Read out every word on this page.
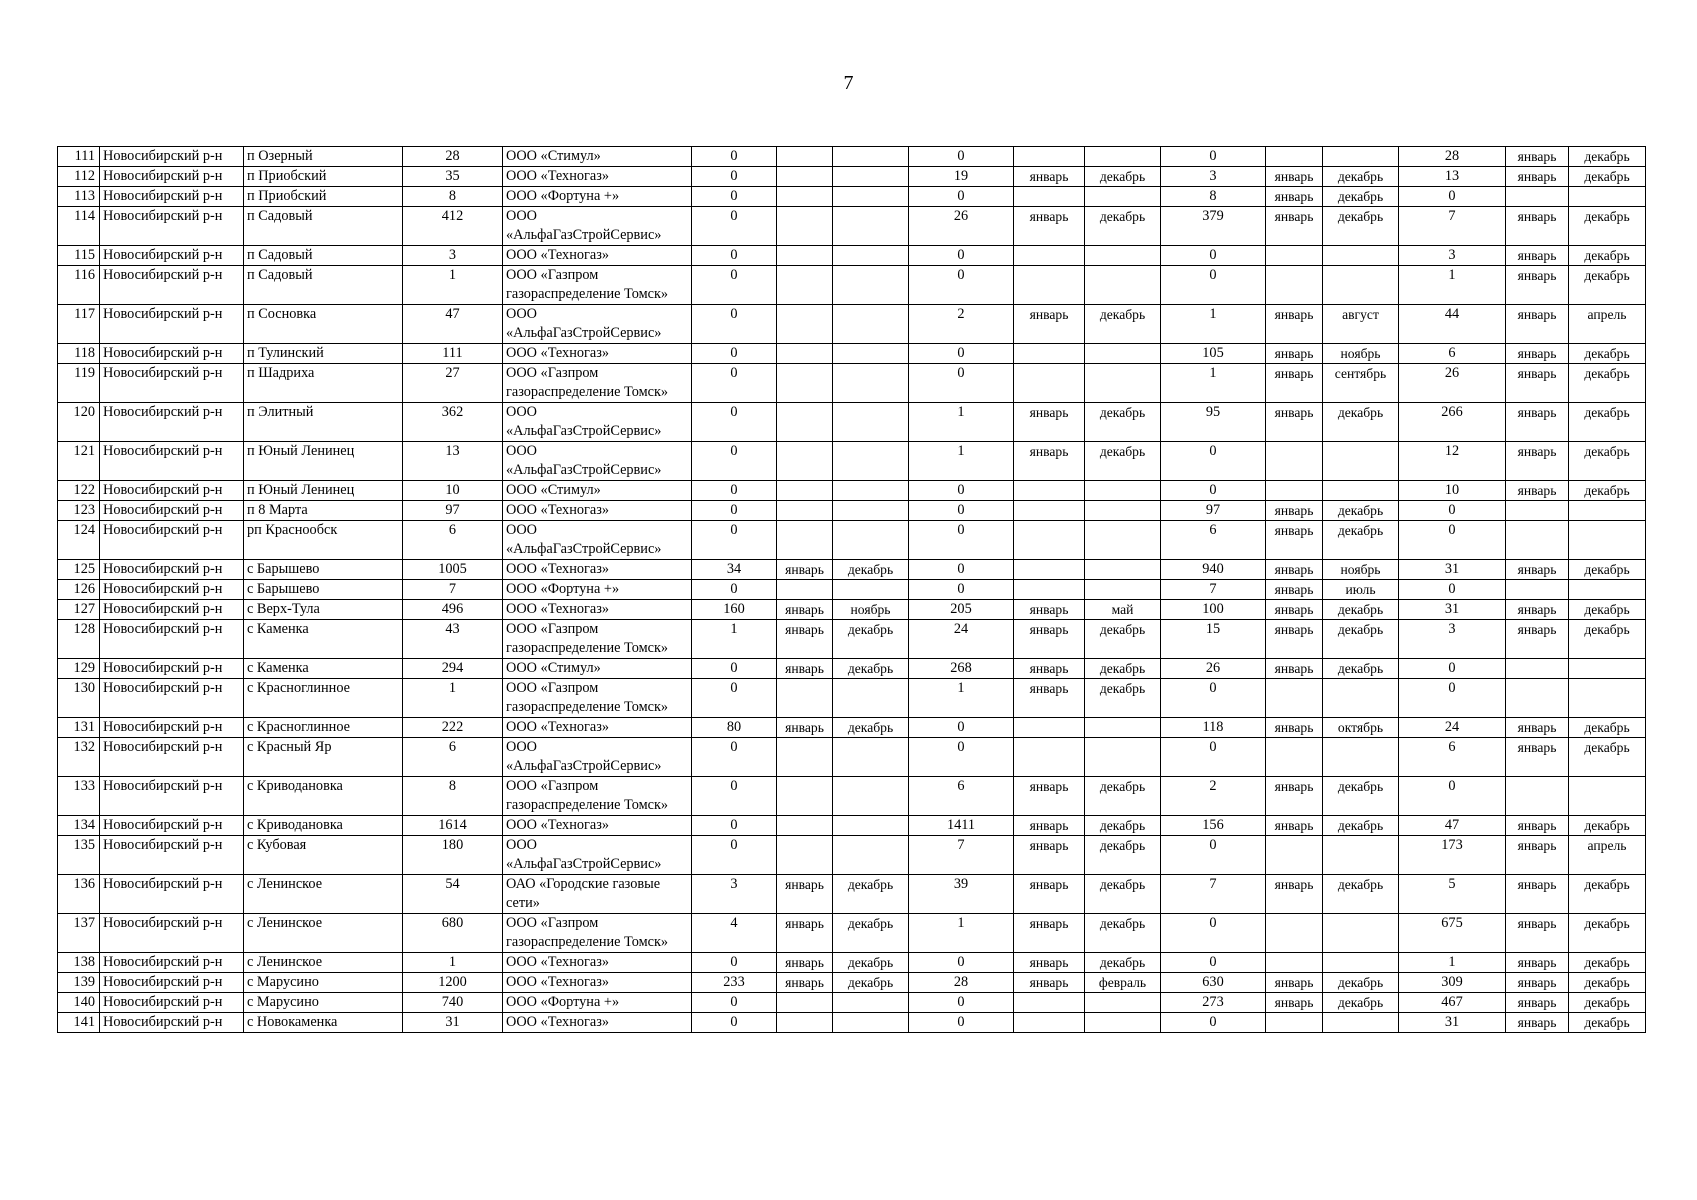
7
111	Новосибирский р-н	п Озерный	28	ООО «Стимул»	0			0			0			28	январь	декабрь
112	Новосибирский р-н	п Приобский	35	ООО «Техногаз»	0			19	январь	декабрь	3	январь	декабрь	13	январь	декабрь
113	Новосибирский р-н	п Приобский	8	ООО «Фортуна +»	0			0			8	январь	декабрь	0		
114	Новосибирский р-н	п Садовый	412	ООО «АльфаГазСтройСервис»	0			26	январь	декабрь	379	январь	декабрь	7	январь	декабрь
115	Новосибирский р-н	п Садовый	3	ООО «Техногаз»	0			0			0			3	январь	декабрь
116	Новосибирский р-н	п Садовый	1	ООО «Газпром газораспределение Томск»	0			0			0			1	январь	декабрь
117	Новосибирский р-н	п Сосновка	47	ООО «АльфаГазСтройСервис»	0			2	январь	декабрь	1	январь	август	44	январь	апрель
118	Новосибирский р-н	п Тулинский	111	ООО «Техногаз»	0			0			105	январь	ноябрь	6	январь	декабрь
119	Новосибирский р-н	п Шадриха	27	ООО «Газпром газораспределение Томск»	0			0			1	январь	сентябрь	26	январь	декабрь
120	Новосибирский р-н	п Элитный	362	ООО «АльфаГазСтройСервис»	0			1	январь	декабрь	95	январь	декабрь	266	январь	декабрь
121	Новосибирский р-н	п Юный Ленинец	13	ООО «АльфаГазСтройСервис»	0			1	январь	декабрь	0			12	январь	декабрь
122	Новосибирский р-н	п Юный Ленинец	10	ООО «Стимул»	0			0			0			10	январь	декабрь
123	Новосибирский р-н	п 8 Марта	97	ООО «Техногаз»	0			0			97	январь	декабрь	0		
124	Новосибирский р-н	рп Краснообск	6	ООО «АльфаГазСтройСервис»	0			0			6	январь	декабрь	0		
125	Новосибирский р-н	с Барышево	1005	ООО «Техногаз»	34	январь	декабрь	0			940	январь	ноябрь	31	январь	декабрь
126	Новосибирский р-н	с Барышево	7	ООО «Фортуна +»	0			0			7	январь	июль	0		
127	Новосибирский р-н	с Верх-Тула	496	ООО «Техногаз»	160	январь	ноябрь	205	январь	май	100	январь	декабрь	31	январь	декабрь
128	Новосибирский р-н	с Каменка	43	ООО «Газпром газораспределение Томск»	1	январь	декабрь	24	январь	декабрь	15	январь	декабрь	3	январь	декабрь
129	Новосибирский р-н	с Каменка	294	ООО «Стимул»	0	январь	декабрь	268	январь	декабрь	26	январь	декабрь	0		
130	Новосибирский р-н	с Красноглинное	1	ООО «Газпром газораспределение Томск»	0			1	январь	декабрь	0			0		
131	Новосибирский р-н	с Красноглинное	222	ООО «Техногаз»	80	январь	декабрь	0			118	январь	октябрь	24	январь	декабрь
132	Новосибирский р-н	с Красный Яр	6	ООО «АльфаГазСтройСервис»	0			0			0			6	январь	декабрь
133	Новосибирский р-н	с Криводановка	8	ООО «Газпром газораспределение Томск»	0			6	январь	декабрь	2	январь	декабрь	0		
134	Новосибирский р-н	с Криводановка	1614	ООО «Техногаз»	0			1411	январь	декабрь	156	январь	декабрь	47	январь	декабрь
135	Новосибирский р-н	с Кубовая	180	ООО «АльфаГазСтройСервис»	0			7	январь	декабрь	0			173	январь	апрель
136	Новосибирский р-н	с Ленинское	54	ОАО «Городские газовые сети»	3	январь	декабрь	39	январь	декабрь	7	январь	декабрь	5	январь	декабрь
137	Новосибирский р-н	с Ленинское	680	ООО «Газпром газораспределение Томск»	4	январь	декабрь	1	январь	декабрь	0			675	январь	декабрь
138	Новосибирский р-н	с Ленинское	1	ООО «Техногаз»	0	январь	декабрь	0	январь	декабрь	0			1	январь	декабрь
139	Новосибирский р-н	с Марусино	1200	ООО «Техногаз»	233	январь	декабрь	28	январь	февраль	630	январь	декабрь	309	январь	декабрь
140	Новосибирский р-н	с Марусино	740	ООО «Фортуна +»	0			0			273	январь	декабрь	467	январь	декабрь
141	Новосибирский р-н	с Новокаменка	31	ООО «Техногаз»	0			0			0			31	январь	декабрь
